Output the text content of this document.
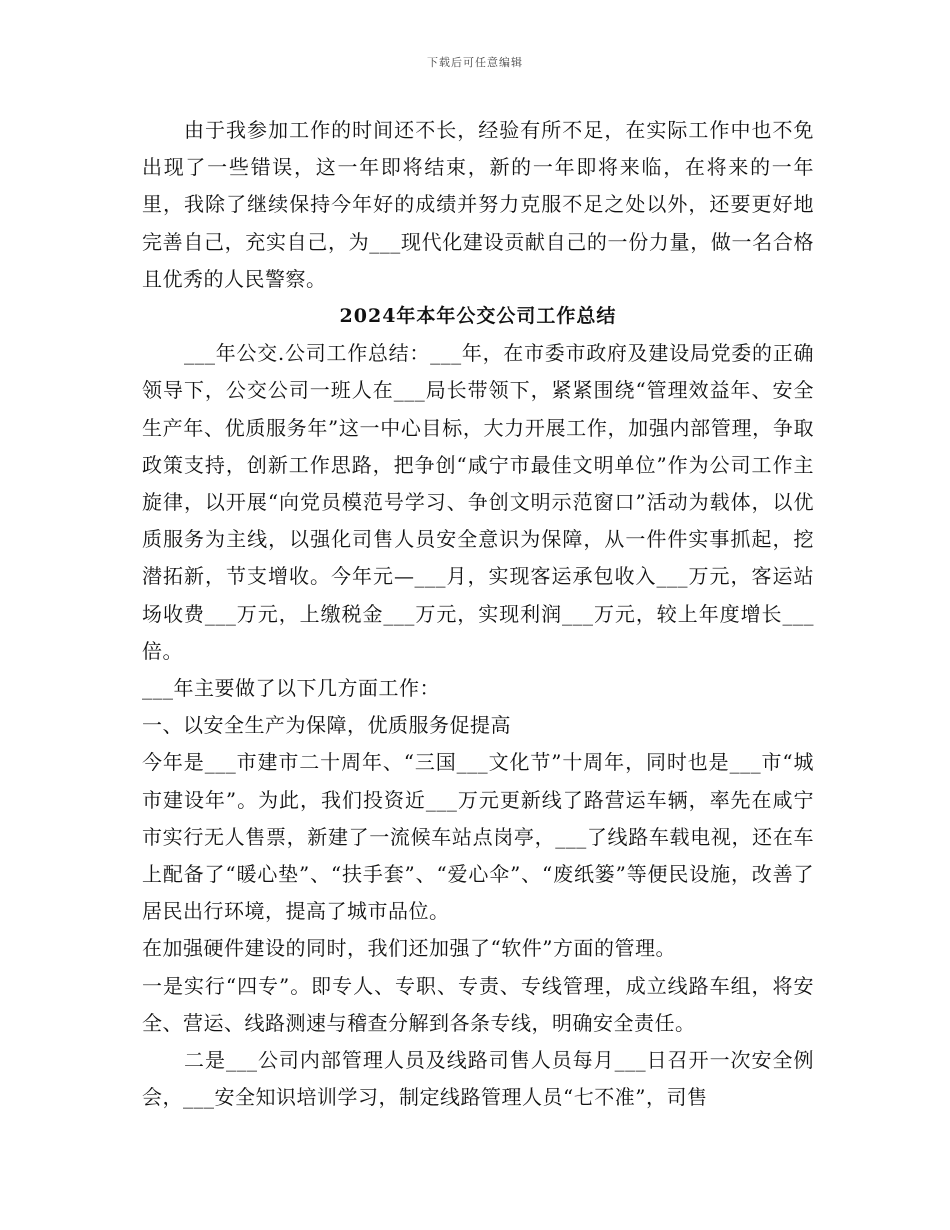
下载后可任意编辑

由于我参加工作的时间还不长，经验有所不足，在实际工作中也不免出现了一些错误，这一年即将结束，新的一年即将来临，在将来的一年里，我除了继续保持今年好的成绩并努力克服不足之处以外，还要更好地完善自己，充实自己，为___现代化建设贡献自己的一份力量，做一名合格且优秀的人民警察。

2024年本年公交公司工作总结

___年公交.公司工作总结：___年，在市委市政府及建设局党委的正确领导下，公交公司一班人在___局长带领下，紧紧围绕“管理效益年、安全生产年、优质服务年”这一中心目标，大力开展工作，加强内部管理，争取政策支持，创新工作思路，把争创“咸宁市最佳文明单位”作为公司工作主旋律，以开展“向党员模范号学习、争创文明示范窗口”活动为载体，以优质服务为主线，以强化司售人员安全意识为保障，从一件件实事抓起，挖潜拓新，节支增收。今年元—___月，实现客运承包收入___万元，客运站场收费___万元，上缴税金___万元，实现利润___万元，较上年度增长___倍。

___年主要做了以下几方面工作：

一、以安全生产为保障，优质服务促提高

今年是___市建市二十周年、“三国___文化节”十周年，同时也是___市“城市建设年”。为此，我们投资近___万元更新线了路营运车辆，率先在咸宁市实行无人售票，新建了一流候车站点岗亭，___了线路车载电视，还在车上配备了“暖心垫”、“扶手套”、“爱心伞”、“废纸篓”等便民设施，改善了居民出行环境，提高了城市品位。

在加强硬件建设的同时，我们还加强了“软件”方面的管理。

一是实行“四专”。即专人、专职、专责、专线管理，成立线路车组，将安全、营运、线路测速与稽查分解到各条专线，明确安全责任。

二是___公司内部管理人员及线路司售人员每月___日召开一次安全例会，___安全知识培训学习，制定线路管理人员“七不准”，司售
